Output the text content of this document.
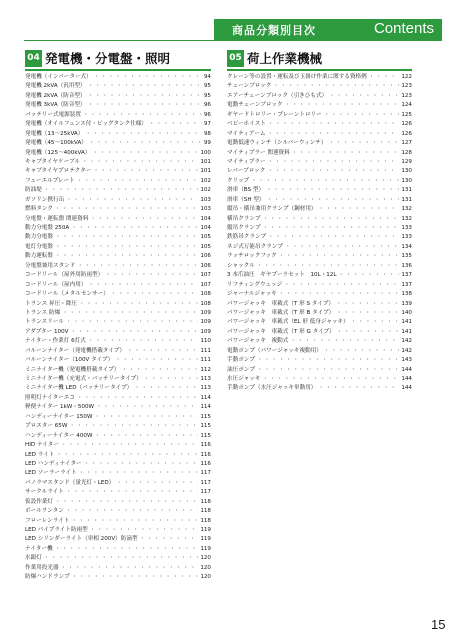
商品分類別目次	Contents
04 発電機・分電盤・照明
発電機（インバーター式） ・・・・・・・・・・・・・・・・・・・・・・・・・・・・・・・・・・・・・・・・・・・・・・	94
発電機 2kVA（汎用型） ・・・・・・・・・・・・・・・・・・・・・・・・・・・・・・・・・・・・・・・・・・・・・・	95
発電機 2kVA（防音型） ・・・・・・・・・・・・・・・・・・・・・・・・・・・・・・・・・・・・・・・・・・・・・・	95
発電機 3kVA（防音型） ・・・・・・・・・・・・・・・・・・・・・・・・・・・・・・・・・・・・・・・・・・・・・・	96
バッテリー式電源装置 ・・・・・・・・・・・・・・・・・・・・・・・・・・・・・・・・・・・・・・・・・・・・・・	96
発電機（オイルフェンス付・ビッグタンク仕様） ・・・・・・・・・・・・・・・・・・・・・・・・・・・・・・・・・・・・・・・・・・・・・・	97
発電機（13～25kVA） ・・・・・・・・・・・・・・・・・・・・・・・・・・・・・・・・・・・・・・・・・・・・・・	98
発電機（45～100kVA） ・・・・・・・・・・・・・・・・・・・・・・・・・・・・・・・・・・・・・・・・・・・・・・	99
発電機（125～400kVA） ・・・・・・・・・・・・・・・・・・・・・・・・・・・・・・・・・・・・・・・・・・・・・・	100
キャブタイヤケーブル ・・・・・・・・・・・・・・・・・・・・・・・・・・・・・・・・・・・・・・・・・・・・・・	101
キャブタイヤプロテクター ・・・・・・・・・・・・・・・・・・・・・・・・・・・・・・・・・・・・・・・・・・・・・・	101
フューエルプレート ・・・・・・・・・・・・・・・・・・・・・・・・・・・・・・・・・・・・・・・・・・・・・・	102
防油堤 ・・・・・・・・・・・・・・・・・・・・・・・・・・・・・・・・・・・・・・・・・・・・・・	102
ガソリン携行缶 ・・・・・・・・・・・・・・・・・・・・・・・・・・・・・・・・・・・・・・・・・・・・・・	103
燃料タンク ・・・・・・・・・・・・・・・・・・・・・・・・・・・・・・・・・・・・・・・・・・・・・・	103
分電盤・運転盤 関連資料 ・・・・・・・・・・・・・・・・・・・・・・・・・・・・・・・・・・・・・・・・・・・・・・	104
動力分電盤 250A ・・・・・・・・・・・・・・・・・・・・・・・・・・・・・・・・・・・・・・・・・・・・・・	104
動力分電盤 ・・・・・・・・・・・・・・・・・・・・・・・・・・・・・・・・・・・・・・・・・・・・・・	105
電灯分電盤 ・・・・・・・・・・・・・・・・・・・・・・・・・・・・・・・・・・・・・・・・・・・・・・	105
動力運転盤 ・・・・・・・・・・・・・・・・・・・・・・・・・・・・・・・・・・・・・・・・・・・・・・	106
分電盤兼用スタンド ・・・・・・・・・・・・・・・・・・・・・・・・・・・・・・・・・・・・・・・・・・・・・・	106
コードリール（屋外用防雨型） ・・・・・・・・・・・・・・・・・・・・・・・・・・・・・・・・・・・・・・・・・・・・・・	107
コードリール（屋内用） ・・・・・・・・・・・・・・・・・・・・・・・・・・・・・・・・・・・・・・・・・・・・・・	107
コードリール（メタルセンサー） ・・・・・・・・・・・・・・・・・・・・・・・・・・・・・・・・・・・・・・・・・・・・・・	108
トランス 昇圧・降圧 ・・・・・・・・・・・・・・・・・・・・・・・・・・・・・・・・・・・・・・・・・・・・・・	108
トランス 防爆 ・・・・・・・・・・・・・・・・・・・・・・・・・・・・・・・・・・・・・・・・・・・・・・	109
トランスリール ・・・・・・・・・・・・・・・・・・・・・・・・・・・・・・・・・・・・・・・・・・・・・・	109
アダプター 100V ・・・・・・・・・・・・・・・・・・・・・・・・・・・・・・・・・・・・・・・・・・・・・・	109
ナイター・作業灯 6灯式 ・・・・・・・・・・・・・・・・・・・・・・・・・・・・・・・・・・・・・・・・・・・・・・	110
バルーンナイター（発電機搭載タイプ） ・・・・・・・・・・・・・・・・・・・・・・・・・・・・・・・・・・・・・・・・・・・・・・	111
バルーンナイター（100V タイプ） ・・・・・・・・・・・・・・・・・・・・・・・・・・・・・・・・・・・・・・・・・・・・・・	111
ミニナイター機（発電機搭載タイプ） ・・・・・・・・・・・・・・・・・・・・・・・・・・・・・・・・・・・・・・・・・・・・・・	112
ミニナイター機（充電式・バッテリータイプ） ・・・・・・・・・・・・・・・・・・・・・・・・・・・・・・・・・・・・・・・・・・・・・・	113
ミニナイター機 LED（バッテリータイプ） ・・・・・・・・・・・・・・・・・・・・・・・・・・・・・・・・・・・・・・・・・・・・・・	113
照明灯ナイターエコ ・・・・・・・・・・・・・・・・・・・・・・・・・・・・・・・・・・・・・・・・・・・・・・	114
軽便ナイター 1kW・500W ・・・・・・・・・・・・・・・・・・・・・・・・・・・・・・・・・・・・・・・・・・・・・・	114
ハンディーナイター 150W ・・・・・・・・・・・・・・・・・・・・・・・・・・・・・・・・・・・・・・・・・・・・・・	115
プロスター 65W ・・・・・・・・・・・・・・・・・・・・・・・・・・・・・・・・・・・・・・・・・・・・・・	115
ハンディーナイター 400W ・・・・・・・・・・・・・・・・・・・・・・・・・・・・・・・・・・・・・・・・・・・・・・	115
HID ナイター ・・・・・・・・・・・・・・・・・・・・・・・・・・・・・・・・・・・・・・・・・・・・・・	116
LED ライト ・・・・・・・・・・・・・・・・・・・・・・・・・・・・・・・・・・・・・・・・・・・・・・	116
LED ハンディナイター ・・・・・・・・・・・・・・・・・・・・・・・・・・・・・・・・・・・・・・・・・・・・・・	116
LED ソーラーライト ・・・・・・・・・・・・・・・・・・・・・・・・・・・・・・・・・・・・・・・・・・・・・・	117
パノラマスタンド（蛍光灯・LED） ・・・・・・・・・・・・・・・・・・・・・・・・・・・・・・・・・・・・・・・・・・・・・・	117
サークルライト ・・・・・・・・・・・・・・・・・・・・・・・・・・・・・・・・・・・・・・・・・・・・・・	117
仮設作業灯 ・・・・・・・・・・・・・・・・・・・・・・・・・・・・・・・・・・・・・・・・・・・・・・	118
ボールランタン ・・・・・・・・・・・・・・・・・・・・・・・・・・・・・・・・・・・・・・・・・・・・・・	118
フローレンライト ・・・・・・・・・・・・・・・・・・・・・・・・・・・・・・・・・・・・・・・・・・・・・・	118
LED パイプライト防雨型 ・・・・・・・・・・・・・・・・・・・・・・・・・・・・・・・・・・・・・・・・・・・・・・	119
LED シリンダーライト（単相 200V）防滴型 ・・・・・・・・・・・・・・・・・・・・・・・・・・・・・・・・・・・・・・・・・・・・・・	119
ナイター機 ・・・・・・・・・・・・・・・・・・・・・・・・・・・・・・・・・・・・・・・・・・・・・・	119
水銀灯 ・・・・・・・・・・・・・・・・・・・・・・・・・・・・・・・・・・・・・・・・・・・・・・	120
作業用投光器 ・・・・・・・・・・・・・・・・・・・・・・・・・・・・・・・・・・・・・・・・・・・・・・	120
防爆ハンドランプ ・・・・・・・・・・・・・・・・・・・・・・・・・・・・・・・・・・・・・・・・・・・・・・	120
05 荷上作業機械
クレーン等の設置・運転及び玉掛け作業に関する資格例 ・・・・・・・・・・・・・・・・・・・・・・・・・・・・・・・・・・・・・・・・・・・・・・	122
チェーンブロック ・・・・・・・・・・・・・・・・・・・・・・・・・・・・・・・・・・・・・・・・・・・・・・	123
エアーチェーンブロック（引きひも式） ・・・・・・・・・・・・・・・・・・・・・・・・・・・・・・・・・・・・・・・・・・・・・・	123
電動チェーンブロック ・・・・・・・・・・・・・・・・・・・・・・・・・・・・・・・・・・・・・・・・・・・・・・	124
ギヤードトロリー・プレーントロリー ・・・・・・・・・・・・・・・・・・・・・・・・・・・・・・・・・・・・・・・・・・・・・・	125
ベビーホイスト ・・・・・・・・・・・・・・・・・・・・・・・・・・・・・・・・・・・・・・・・・・・・・・	126
マイティアーム ・・・・・・・・・・・・・・・・・・・・・・・・・・・・・・・・・・・・・・・・・・・・・・	126
電動低速ウィンチ（シルバーウィンチ） ・・・・・・・・・・・・・・・・・・・・・・・・・・・・・・・・・・・・・・・・・・・・・・	127
マイティプラー 関連資料 ・・・・・・・・・・・・・・・・・・・・・・・・・・・・・・・・・・・・・・・・・・・・・・	128
マイティプラー ・・・・・・・・・・・・・・・・・・・・・・・・・・・・・・・・・・・・・・・・・・・・・・	129
レバーブロック ・・・・・・・・・・・・・・・・・・・・・・・・・・・・・・・・・・・・・・・・・・・・・・	130
クリップ ・・・・・・・・・・・・・・・・・・・・・・・・・・・・・・・・・・・・・・・・・・・・・・	130
滑車（BS 型） ・・・・・・・・・・・・・・・・・・・・・・・・・・・・・・・・・・・・・・・・・・・・・・	131
滑車（SH 型） ・・・・・・・・・・・・・・・・・・・・・・・・・・・・・・・・・・・・・・・・・・・・・・	131
縦吊・横吊兼用クランプ（鋼材用） ・・・・・・・・・・・・・・・・・・・・・・・・・・・・・・・・・・・・・・・・・・・・・・	132
横吊クランプ ・・・・・・・・・・・・・・・・・・・・・・・・・・・・・・・・・・・・・・・・・・・・・・	132
縦吊クランプ ・・・・・・・・・・・・・・・・・・・・・・・・・・・・・・・・・・・・・・・・・・・・・・	133
鉄筋吊クランプ ・・・・・・・・・・・・・・・・・・・・・・・・・・・・・・・・・・・・・・・・・・・・・・	133
ネジ式万能吊クランプ ・・・・・・・・・・・・・・・・・・・・・・・・・・・・・・・・・・・・・・・・・・・・・・	134
ラッチロックフック ・・・・・・・・・・・・・・・・・・・・・・・・・・・・・・・・・・・・・・・・・・・・・・	135
シャックル ・・・・・・・・・・・・・・・・・・・・・・・・・・・・・・・・・・・・・・・・・・・・・・	136
3 本爪油圧　ギヤプーラセット　10L・12L ・・・・・・・・・・・・・・・・・・・・・・・・・・・・・・・・・・・・・・・・・・・・・・	137
リフティングウェッジ ・・・・・・・・・・・・・・・・・・・・・・・・・・・・・・・・・・・・・・・・・・・・・・	137
ジャーナルジャッキ ・・・・・・・・・・・・・・・・・・・・・・・・・・・・・・・・・・・・・・・・・・・・・・	138
パワージャッキ　車載式（T 形 S タイプ） ・・・・・・・・・・・・・・・・・・・・・・・・・・・・・・・・・・・・・・・・・・・・・・	139
パワージャッキ　車載式（T 形 B タイプ） ・・・・・・・・・・・・・・・・・・・・・・・・・・・・・・・・・・・・・・・・・・・・・・	140
パワージャッキ　車載式（EL 形 低身ジャッキ） ・・・・・・・・・・・・・・・・・・・・・・・・・・・・・・・・・・・・・・・・・・・・・・	141
パワージャッキ　車載式（T 形 G タイプ） ・・・・・・・・・・・・・・・・・・・・・・・・・・・・・・・・・・・・・・・・・・・・・・	141
パワージャッキ　複動式 ・・・・・・・・・・・・・・・・・・・・・・・・・・・・・・・・・・・・・・・・・・・・・・	142
電動ポンプ（パワージャッキ複動用） ・・・・・・・・・・・・・・・・・・・・・・・・・・・・・・・・・・・・・・・・・・・・・・	142
手動ポンプ ・・・・・・・・・・・・・・・・・・・・・・・・・・・・・・・・・・・・・・・・・・・・・・	143
油圧ポンプ ・・・・・・・・・・・・・・・・・・・・・・・・・・・・・・・・・・・・・・・・・・・・・・	144
水圧ジャッキ ・・・・・・・・・・・・・・・・・・・・・・・・・・・・・・・・・・・・・・・・・・・・・・	144
手動ポンプ（水圧ジャッキ単動用） ・・・・・・・・・・・・・・・・・・・・・・・・・・・・・・・・・・・・・・・・・・・・・・	144
15
